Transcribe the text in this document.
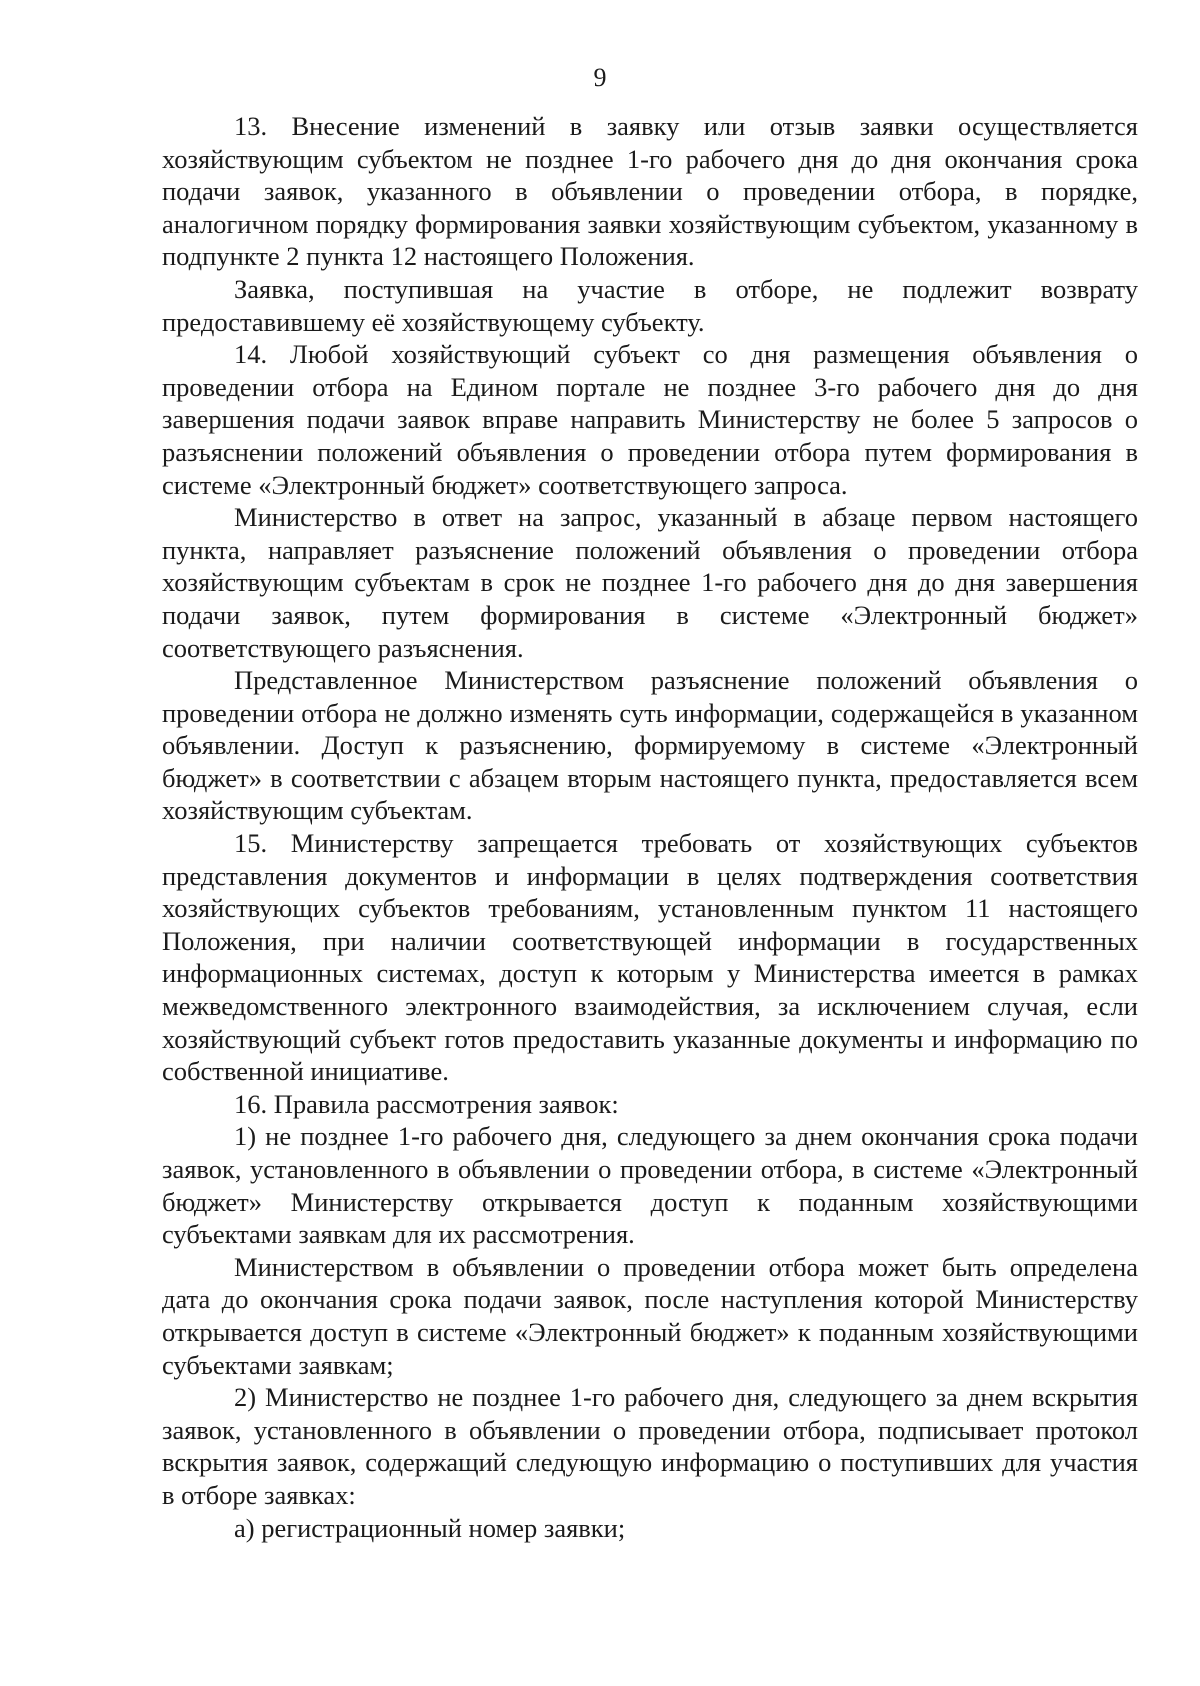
9

13. Внесение изменений в заявку или отзыв заявки осуществляется хозяйствующим субъектом не позднее 1-го рабочего дня до дня окончания срока подачи заявок, указанного в объявлении о проведении отбора, в порядке, аналогичном порядку формирования заявки хозяйствующим субъектом, указанному в подпункте 2 пункта 12 настоящего Положения.

Заявка, поступившая на участие в отборе, не подлежит возврату предоставившему её хозяйствующему субъекту.

14. Любой хозяйствующий субъект со дня размещения объявления о проведении отбора на Едином портале не позднее 3-го рабочего дня до дня завершения подачи заявок вправе направить Министерству не более 5 запросов о разъяснении положений объявления о проведении отбора путем формирования в системе «Электронный бюджет» соответствующего запроса.

Министерство в ответ на запрос, указанный в абзаце первом настоящего пункта, направляет разъяснение положений объявления о проведении отбора хозяйствующим субъектам в срок не позднее 1-го рабочего дня до дня завершения подачи заявок, путем формирования в системе «Электронный бюджет» соответствующего разъяснения.

Представленное Министерством разъяснение положений объявления о проведении отбора не должно изменять суть информации, содержащейся в указанном объявлении. Доступ к разъяснению, формируемому в системе «Электронный бюджет» в соответствии с абзацем вторым настоящего пункта, предоставляется всем хозяйствующим субъектам.

15. Министерству запрещается требовать от хозяйствующих субъектов представления документов и информации в целях подтверждения соответствия хозяйствующих субъектов требованиям, установленным пунктом 11 настоящего Положения, при наличии соответствующей информации в государственных информационных системах, доступ к которым у Министерства имеется в рамках межведомственного электронного взаимодействия, за исключением случая, если хозяйствующий субъект готов предоставить указанные документы и информацию по собственной инициативе.

16. Правила рассмотрения заявок:

1) не позднее 1-го рабочего дня, следующего за днем окончания срока подачи заявок, установленного в объявлении о проведении отбора, в системе «Электронный бюджет» Министерству открывается доступ к поданным хозяйствующими субъектами заявкам для их рассмотрения.

Министерством в объявлении о проведении отбора может быть определена дата до окончания срока подачи заявок, после наступления которой Министерству открывается доступ в системе «Электронный бюджет» к поданным хозяйствующими субъектами заявкам;

2) Министерство не позднее 1-го рабочего дня, следующего за днем вскрытия заявок, установленного в объявлении о проведении отбора, подписывает протокол вскрытия заявок, содержащий следующую информацию о поступивших для участия в отборе заявках:

а) регистрационный номер заявки;
